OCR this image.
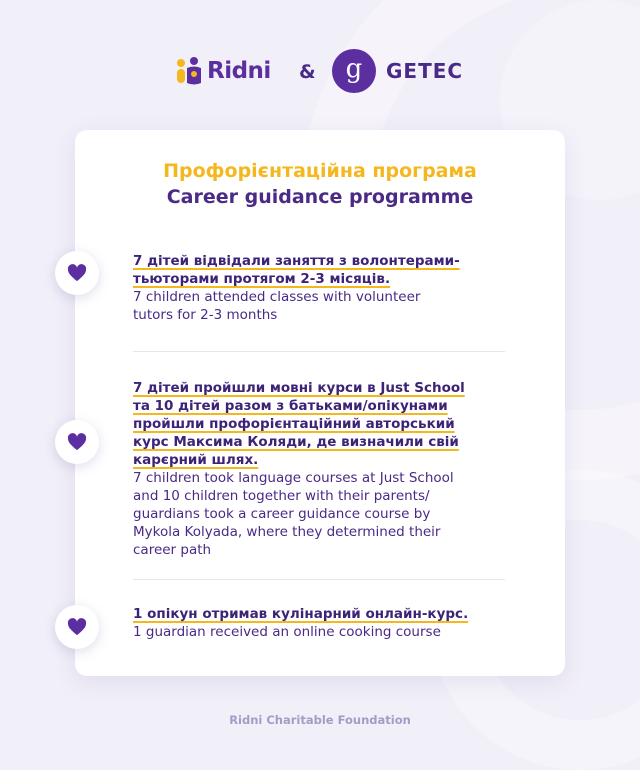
Ridni & g GETEC
Профорієнтаційна програма
Career guidance programme
7 дітей відвідали заняття з волонтерами-
тьюторами протягом 2-3 місяців.
7 children attended classes with volunteer
tutors for 2-3 months
7 дітей пройшли мовні курси в Just School
та 10 дітей разом з батьками/опікунами
пройшли профорієнтаційний авторський
курс Максима Коляди, де визначили свій
карєрний шлях.
7 children took language courses at Just School
and 10 children together with their parents/
guardians took a career guidance course by
Mykola Kolyada, where they determined their
career path
1 опікун отримав кулінарний онлайн-курс.
1 guardian received an online cooking course
Ridni Charitable Foundation
